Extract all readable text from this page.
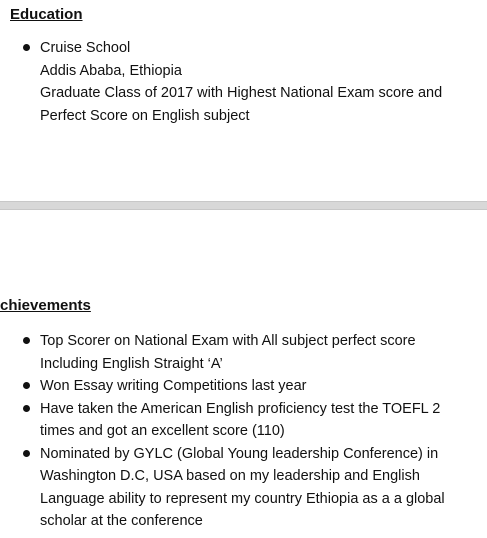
Education
Cruise School
Addis Ababa, Ethiopia
Graduate Class of 2017 with Highest National Exam score and
Perfect Score on English subject
chievements
Top Scorer on National Exam with All subject perfect score
Including English Straight ‘A’
Won Essay writing Competitions last year
Have taken the American English proficiency test the TOEFL 2
times and got an excellent score (110)
Nominated by GYLC (Global Young leadership Conference) in
Washington D.C, USA based on my leadership and English
Language ability to represent my country Ethiopia as a a global
scholar at the conference
